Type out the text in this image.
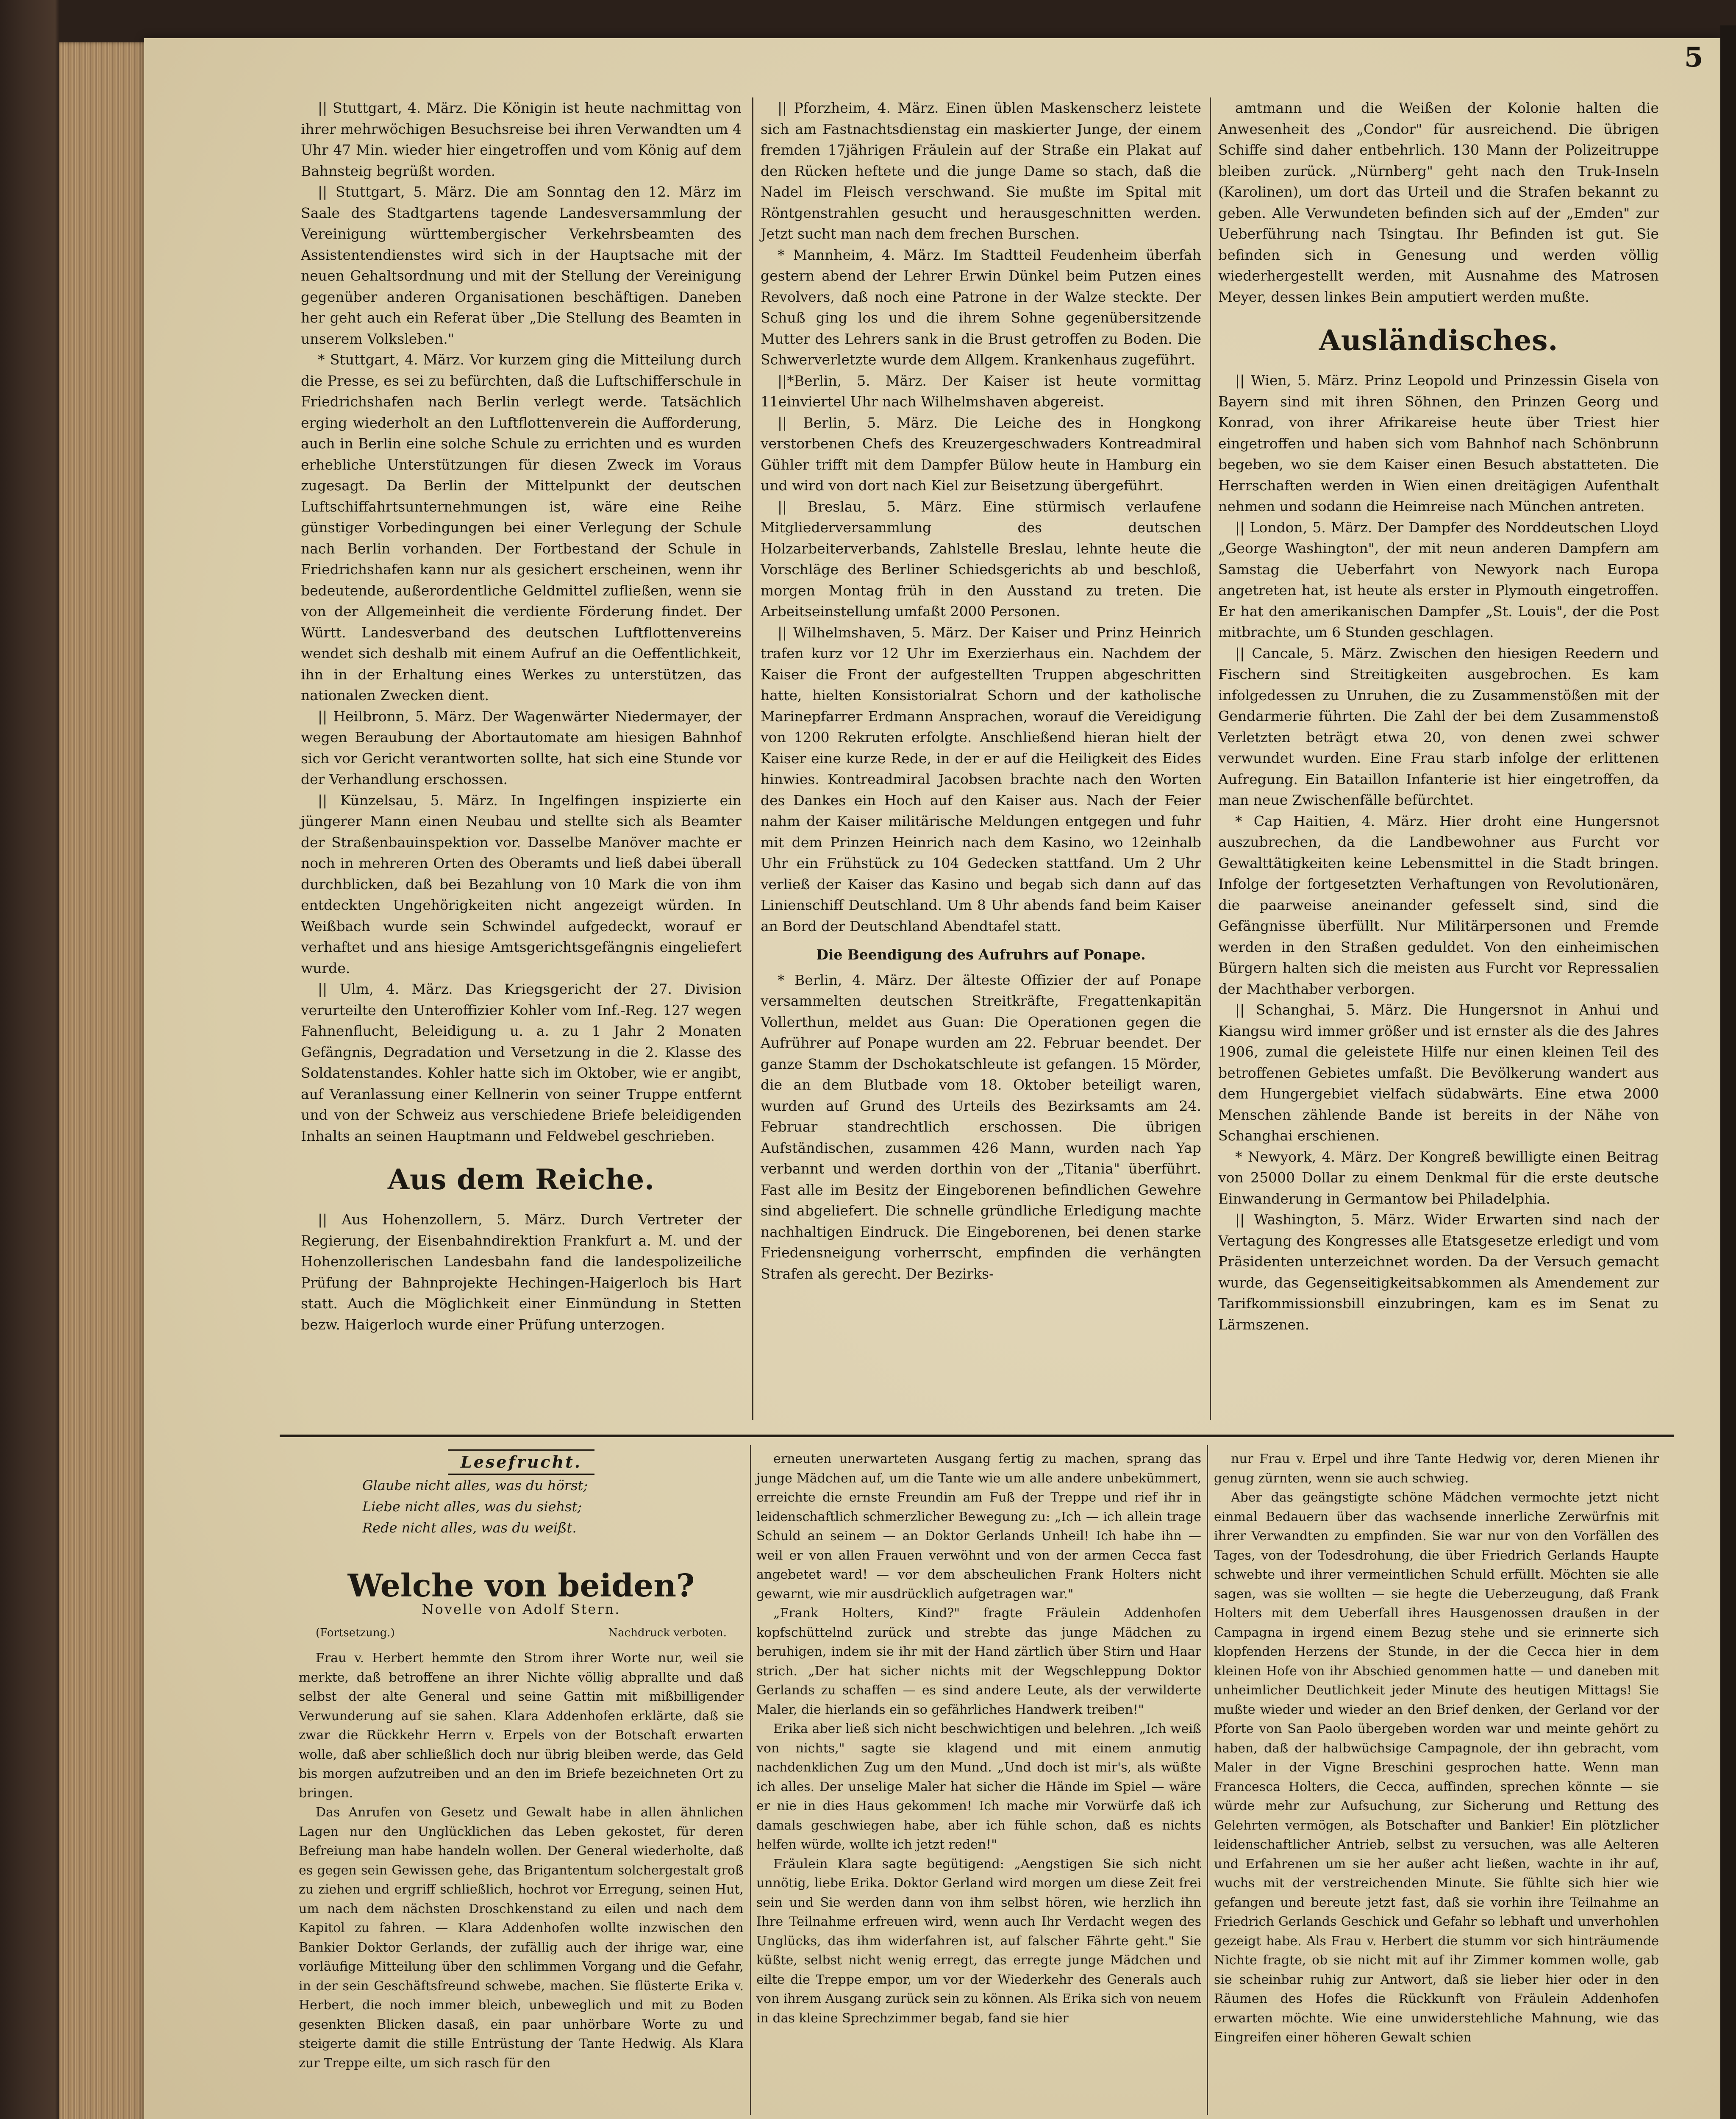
5

|| Stuttgart, 4. März. Die Königin ist heute nachmittag von ihrer mehrwöchigen Besuchsreise bei ihren Verwandten um 4 Uhr 47 Min. wieder hier eingetroffen und vom König auf dem Bahnsteig begrüßt worden.

|| Stuttgart, 5. März. Die am Sonntag den 12. März im Saale des Stadtgartens tagende Landesversammlung der Vereinigung württembergischer Verkehrsbeamten des Assistentendienstes wird sich in der Hauptsache mit der neuen Gehaltsordnung und mit der Stellung der Vereinigung gegenüber anderen Organisationen beschäftigen. Daneben her geht auch ein Referat über „Die Stellung des Beamten in unserem Volksleben."

* Stuttgart, 4. März. Vor kurzem ging die Mitteilung durch die Presse, es sei zu befürchten, daß die Luftschifferschule in Friedrichshafen nach Berlin verlegt werde. Tatsächlich erging wiederholt an den Luftflottenverein die Aufforderung, auch in Berlin eine solche Schule zu errichten und es wurden erhebliche Unterstützungen für diesen Zweck im Voraus zugesagt. Da Berlin der Mittelpunkt der deutschen Luftschiffahrtsunternehmungen ist, wäre eine Reihe günstiger Vorbedingungen bei einer Verlegung der Schule nach Berlin vorhanden. Der Fortbestand der Schule in Friedrichshafen kann nur als gesichert erscheinen, wenn ihr bedeutende, außerordentliche Geldmittel zufließen, wenn sie von der Allgemeinheit die verdiente Förderung findet. Der Württ. Landesverband des deutschen Luftflottenvereins wendet sich deshalb mit einem Aufruf an die Oeffentlichkeit, ihn in der Erhaltung eines Werkes zu unterstützen, das nationalen Zwecken dient.

|| Heilbronn, 5. März. Der Wagenwärter Niedermayer, der wegen Beraubung der Abortautomate am hiesigen Bahnhof sich vor Gericht verantworten sollte, hat sich eine Stunde vor der Verhandlung erschossen.

|| Künzelsau, 5. März. In Ingelfingen inspizierte ein jüngerer Mann einen Neubau und stellte sich als Beamter der Straßenbauinspektion vor. Dasselbe Manöver machte er noch in mehreren Orten des Oberamts und ließ dabei überall durchblicken, daß bei Bezahlung von 10 Mark die von ihm entdeckten Ungehörigkeiten nicht angezeigt würden. In Weißbach wurde sein Schwindel aufgedeckt, worauf er verhaftet und ans hiesige Amtsgerichtsgefängnis eingeliefert wurde.

|| Ulm, 4. März. Das Kriegsgericht der 27. Division verurteilte den Unteroffizier Kohler vom Inf.-Reg. 127 wegen Fahnenflucht, Beleidigung u. a. zu 1 Jahr 2 Monaten Gefängnis, Degradation und Versetzung in die 2. Klasse des Soldatenstandes. Kohler hatte sich im Oktober, wie er angibt, auf Veranlassung einer Kellnerin von seiner Truppe entfernt und von der Schweiz aus verschiedene Briefe beleidigenden Inhalts an seinen Hauptmann und Feldwebel geschrieben.

Aus dem Reiche.

|| Aus Hohenzollern, 5. März. Durch Vertreter der Regierung, der Eisenbahndirektion Frankfurt a. M. und der Hohenzollerischen Landesbahn fand die landespolizeiliche Prüfung der Bahnprojekte Hechingen-Haigerloch bis Hart statt. Auch die Möglichkeit einer Einmündung in Stetten bezw. Haigerloch wurde einer Prüfung unterzogen.

|| Pforzheim, 4. März. Einen üblen Maskenscherz leistete sich am Fastnachtsdienstag ein maskierter Junge, der einem fremden 17jährigen Fräulein auf der Straße ein Plakat auf den Rücken heftete und die junge Dame so stach, daß die Nadel im Fleisch verschwand. Sie mußte im Spital mit Röntgenstrahlen gesucht und herausgeschnitten werden. Jetzt sucht man nach dem frechen Burschen.

* Mannheim, 4. März. Im Stadtteil Feudenheim überfah gestern abend der Lehrer Erwin Dünkel beim Putzen eines Revolvers, daß noch eine Patrone in der Walze steckte. Der Schuß ging los und die ihrem Sohne gegenübersitzende Mutter des Lehrers sank in die Brust getroffen zu Boden. Die Schwerverletzte wurde dem Allgem. Krankenhaus zugeführt.

||*Berlin, 5. März. Der Kaiser ist heute vormittag 11einviertel Uhr nach Wilhelmshaven abgereist.

|| Berlin, 5. März. Die Leiche des in Hongkong verstorbenen Chefs des Kreuzergeschwaders Kontreadmiral Gühler trifft mit dem Dampfer Bülow heute in Hamburg ein und wird von dort nach Kiel zur Beisetzung übergeführt.

|| Breslau, 5. März. Eine stürmisch verlaufene Mitgliederversammlung des deutschen Holzarbeiterverbands, Zahlstelle Breslau, lehnte heute die Vorschläge des Berliner Schiedsgerichts ab und beschloß, morgen Montag früh in den Ausstand zu treten. Die Arbeitseinstellung umfaßt 2000 Personen.

|| Wilhelmshaven, 5. März. Der Kaiser und Prinz Heinrich trafen kurz vor 12 Uhr im Exerzierhaus ein. Nachdem der Kaiser die Front der aufgestellten Truppen abgeschritten hatte, hielten Konsistorialrat Schorn und der katholische Marinepfarrer Erdmann Ansprachen, worauf die Vereidigung von 1200 Rekruten erfolgte. Anschließend hieran hielt der Kaiser eine kurze Rede, in der er auf die Heiligkeit des Eides hinwies. Kontreadmiral Jacobsen brachte nach den Worten des Dankes ein Hoch auf den Kaiser aus. Nach der Feier nahm der Kaiser militärische Meldungen entgegen und fuhr mit dem Prinzen Heinrich nach dem Kasino, wo 12einhalb Uhr ein Frühstück zu 104 Gedecken stattfand. Um 2 Uhr verließ der Kaiser das Kasino und begab sich dann auf das Linienschiff Deutschland. Um 8 Uhr abends fand beim Kaiser an Bord der Deutschland Abendtafel statt.

Die Beendigung des Aufruhrs auf Ponape.

* Berlin, 4. März. Der älteste Offizier der auf Ponape versammelten deutschen Streitkräfte, Fregattenkapitän Vollerthun, meldet aus Guan: Die Operationen gegen die Aufrührer auf Ponape wurden am 22. Februar beendet. Der ganze Stamm der Dschokatschleute ist gefangen. 15 Mörder, die an dem Blutbade vom 18. Oktober beteiligt waren, wurden auf Grund des Urteils des Bezirksamts am 24. Februar standrechtlich erschossen. Die übrigen Aufständischen, zusammen 426 Mann, wurden nach Yap verbannt und werden dorthin von der „Titania" überführt. Fast alle im Besitz der Eingeborenen befindlichen Gewehre sind abgeliefert. Die schnelle gründliche Erledigung machte nachhaltigen Eindruck. Die Eingeborenen, bei denen starke Friedensneigung vorherrscht, empfinden die verhängten Strafen als gerecht. Der Bezirks-

amtmann und die Weißen der Kolonie halten die Anwesenheit des „Condor" für ausreichend. Die übrigen Schiffe sind daher entbehrlich. 130 Mann der Polizeitruppe bleiben zurück. „Nürnberg" geht nach den Truk-Inseln (Karolinen), um dort das Urteil und die Strafen bekannt zu geben. Alle Verwundeten befinden sich auf der „Emden" zur Ueberführung nach Tsingtau. Ihr Befinden ist gut. Sie befinden sich in Genesung und werden völlig wiederhergestellt werden, mit Ausnahme des Matrosen Meyer, dessen linkes Bein amputiert werden mußte.

Ausländisches.

|| Wien, 5. März. Prinz Leopold und Prinzessin Gisela von Bayern sind mit ihren Söhnen, den Prinzen Georg und Konrad, von ihrer Afrikareise heute über Triest hier eingetroffen und haben sich vom Bahnhof nach Schönbrunn begeben, wo sie dem Kaiser einen Besuch abstatteten. Die Herrschaften werden in Wien einen dreitägigen Aufenthalt nehmen und sodann die Heimreise nach München antreten.

|| London, 5. März. Der Dampfer des Norddeutschen Lloyd „George Washington", der mit neun anderen Dampfern am Samstag die Ueberfahrt von Newyork nach Europa angetreten hat, ist heute als erster in Plymouth eingetroffen. Er hat den amerikanischen Dampfer „St. Louis", der die Post mitbrachte, um 6 Stunden geschlagen.

|| Cancale, 5. März. Zwischen den hiesigen Reedern und Fischern sind Streitigkeiten ausgebrochen. Es kam infolgedessen zu Unruhen, die zu Zusammenstößen mit der Gendarmerie führten. Die Zahl der bei dem Zusammenstoß Verletzten beträgt etwa 20, von denen zwei schwer verwundet wurden. Eine Frau starb infolge der erlittenen Aufregung. Ein Bataillon Infanterie ist hier eingetroffen, da man neue Zwischenfälle befürchtet.

* Cap Haitien, 4. März. Hier droht eine Hungersnot auszubrechen, da die Landbewohner aus Furcht vor Gewalttätigkeiten keine Lebensmittel in die Stadt bringen. Infolge der fortgesetzten Verhaftungen von Revolutionären, die paarweise aneinander gefesselt sind, sind die Gefängnisse überfüllt. Nur Militärpersonen und Fremde werden in den Straßen geduldet. Von den einheimischen Bürgern halten sich die meisten aus Furcht vor Repressalien der Machthaber verborgen.

|| Schanghai, 5. März. Die Hungersnot in Anhui und Kiangsu wird immer größer und ist ernster als die des Jahres 1906, zumal die geleistete Hilfe nur einen kleinen Teil des betroffenen Gebietes umfaßt. Die Bevölkerung wandert aus dem Hungergebiet vielfach südabwärts. Eine etwa 2000 Menschen zählende Bande ist bereits in der Nähe von Schanghai erschienen.

* Newyork, 4. März. Der Kongreß bewilligte einen Beitrag von 25000 Dollar zu einem Denkmal für die erste deutsche Einwanderung in Germantow bei Philadelphia.

|| Washington, 5. März. Wider Erwarten sind nach der Vertagung des Kongresses alle Etatsgesetze erledigt und vom Präsidenten unterzeichnet worden. Da der Versuch gemacht wurde, das Gegenseitigkeitsabkommen als Amendement zur Tarifkommissionsbill einzubringen, kam es im Senat zu Lärmszenen.

Lesefrucht.
Glaube nicht alles, was du hörst;
Liebe nicht alles, was du siehst;
Rede nicht alles, was du weißt.
Welche von beiden?
Novelle von Adolf Stern.
(Fortsetzung.)	Nachdruck verboten.

Frau v. Herbert hemmte den Strom ihrer Worte nur, weil sie merkte, daß betroffene an ihrer Nichte völlig abprallte und daß selbst der alte General und seine Gattin mit mißbilligender Verwunderung auf sie sahen. Klara Addenhofen erklärte, daß sie zwar die Rückkehr Herrn v. Erpels von der Botschaft erwarten wolle, daß aber schließlich doch nur übrig bleiben werde, das Geld bis morgen aufzutreiben und an den im Briefe bezeichneten Ort zu bringen.

Das Anrufen von Gesetz und Gewalt habe in allen ähnlichen Lagen nur den Unglücklichen das Leben gekostet, für deren Befreiung man habe handeln wollen. Der General wiederholte, daß es gegen sein Gewissen gehe, das Brigantentum solchergestalt groß zu ziehen und ergriff schließlich, hochrot vor Erregung, seinen Hut, um nach dem nächsten Droschkenstand zu eilen und nach dem Kapitol zu fahren. — Klara Addenhofen wollte inzwischen den Bankier Doktor Gerlands, der zufällig auch der ihrige war, eine vorläufige Mitteilung über den schlimmen Vorgang und die Gefahr, in der sein Geschäftsfreund schwebe, machen. Sie flüsterte Erika v. Herbert, die noch immer bleich, unbeweglich und mit zu Boden gesenkten Blicken dasaß, ein paar unhörbare Worte zu und steigerte damit die stille Entrüstung der Tante Hedwig. Als Klara zur Treppe eilte, um sich rasch für den

erneuten unerwarteten Ausgang fertig zu machen, sprang das junge Mädchen auf, um die Tante wie um alle andere unbekümmert, erreichte die ernste Freundin am Fuß der Treppe und rief ihr in leidenschaftlich schmerzlicher Bewegung zu: „Ich — ich allein trage Schuld an seinem — an Doktor Gerlands Unheil! Ich habe ihn — weil er von allen Frauen verwöhnt und von der armen Cecca fast angebetet ward! — vor dem abscheulichen Frank Holters nicht gewarnt, wie mir ausdrücklich aufgetragen war."

„Frank Holters, Kind?" fragte Fräulein Addenhofen kopfschüttelnd zurück und strebte das junge Mädchen zu beruhigen, indem sie ihr mit der Hand zärtlich über Stirn und Haar strich. „Der hat sicher nichts mit der Wegschleppung Doktor Gerlands zu schaffen — es sind andere Leute, als der verwilderte Maler, die hierlands ein so gefährliches Handwerk treiben!"

Erika aber ließ sich nicht beschwichtigen und belehren. „Ich weiß von nichts," sagte sie klagend und mit einem anmutig nachdenklichen Zug um den Mund. „Und doch ist mir's, als wüßte ich alles. Der unselige Maler hat sicher die Hände im Spiel — wäre er nie in dies Haus gekommen! Ich mache mir Vorwürfe daß ich damals geschwiegen habe, aber ich fühle schon, daß es nichts helfen würde, wollte ich jetzt reden!"

Fräulein Klara sagte begütigend: „Aengstigen Sie sich nicht unnötig, liebe Erika. Doktor Gerland wird morgen um diese Zeit frei sein und Sie werden dann von ihm selbst hören, wie herzlich ihn Ihre Teilnahme erfreuen wird, wenn auch Ihr Verdacht wegen des Unglücks, das ihm widerfahren ist, auf falscher Fährte geht." Sie küßte, selbst nicht wenig erregt, das erregte junge Mädchen und eilte die Treppe empor, um vor der Wiederkehr des Generals auch von ihrem Ausgang zurück sein zu können. Als Erika sich von neuem in das kleine Sprechzimmer begab, fand sie hier

nur Frau v. Erpel und ihre Tante Hedwig vor, deren Mienen ihr genug zürnten, wenn sie auch schwieg.

Aber das geängstigte schöne Mädchen vermochte jetzt nicht einmal Bedauern über das wachsende innerliche Zerwürfnis mit ihrer Verwandten zu empfinden. Sie war nur von den Vorfällen des Tages, von der Todesdrohung, die über Friedrich Gerlands Haupte schwebte und ihrer vermeintlichen Schuld erfüllt. Möchten sie alle sagen, was sie wollten — sie hegte die Ueberzeugung, daß Frank Holters mit dem Ueberfall ihres Hausgenossen draußen in der Campagna in irgend einem Bezug stehe und sie erinnerte sich klopfenden Herzens der Stunde, in der die Cecca hier in dem kleinen Hofe von ihr Abschied genommen hatte — und daneben mit unheimlicher Deutlichkeit jeder Minute des heutigen Mittags! Sie mußte wieder und wieder an den Brief denken, der Gerland vor der Pforte von San Paolo übergeben worden war und meinte gehört zu haben, daß der halbwüchsige Campagnole, der ihn gebracht, vom Maler in der Vigne Breschini gesprochen hatte. Wenn man Francesca Holters, die Cecca, auffinden, sprechen könnte — sie würde mehr zur Aufsuchung, zur Sicherung und Rettung des Gelehrten vermögen, als Botschafter und Bankier! Ein plötzlicher leidenschaftlicher Antrieb, selbst zu versuchen, was alle Aelteren und Erfahrenen um sie her außer acht ließen, wachte in ihr auf, wuchs mit der verstreichenden Minute. Sie fühlte sich hier wie gefangen und bereute jetzt fast, daß sie vorhin ihre Teilnahme an Friedrich Gerlands Geschick und Gefahr so lebhaft und unverhohlen gezeigt habe. Als Frau v. Herbert die stumm vor sich hinträumende Nichte fragte, ob sie nicht mit auf ihr Zimmer kommen wolle, gab sie scheinbar ruhig zur Antwort, daß sie lieber hier oder in den Räumen des Hofes die Rückkunft von Fräulein Addenhofen erwarten möchte. Wie eine unwiderstehliche Mahnung, wie das Eingreifen einer höheren Gewalt schien
